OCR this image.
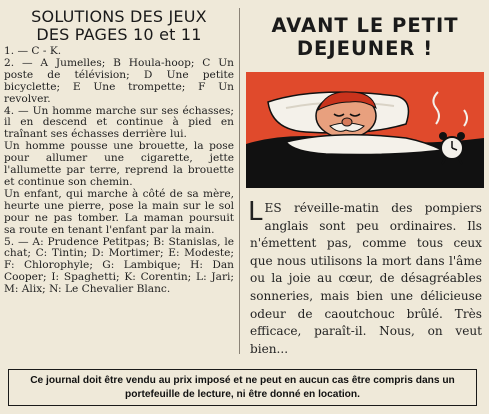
SOLUTIONS DES JEUX
DES PAGES 10 et 11

1. — C - K.

2. — A Jumelles; B Houla-hoop; C Un poste de télévision; D Une petite bicyclette; E Une trompette; F Un revolver.

4. — Un homme marche sur ses échasses; il en descend et continue à pied en traînant ses échasses derrière lui.

Un homme pousse une brouette, la pose pour allumer une cigarette, jette l'allumette par terre, reprend la brouette et continue son chemin.

Un enfant, qui marche à côté de sa mère, heurte une pierre, pose la main sur le sol pour ne pas tomber. La maman poursuit sa route en tenant l'enfant par la main.

5. — A: Prudence Petitpas; B: Stanislas, le chat; C: Tintin; D: Mortimer; E: Modeste; F: Chlorophyle; G: Lambique; H: Dan Cooper; I: Spaghetti; K: Corentin; L: Jari; M: Alix; N: Le Chevalier Blanc.

AVANT LE PETIT
DEJEUNER !
LES réveille-matin des pompiers anglais sont peu ordinaires. Ils n'émettent pas, comme tous ceux que nous utilisons la mort dans l'âme ou la joie au cœur, de désagréables sonneries, mais bien une délicieuse odeur de caoutchouc brûlé. Très efficace, paraît-il. Nous, on veut bien...
Ce journal doit être vendu au prix imposé et ne peut en aucun cas être compris dans un portefeuille de lecture, ni être donné en location.
